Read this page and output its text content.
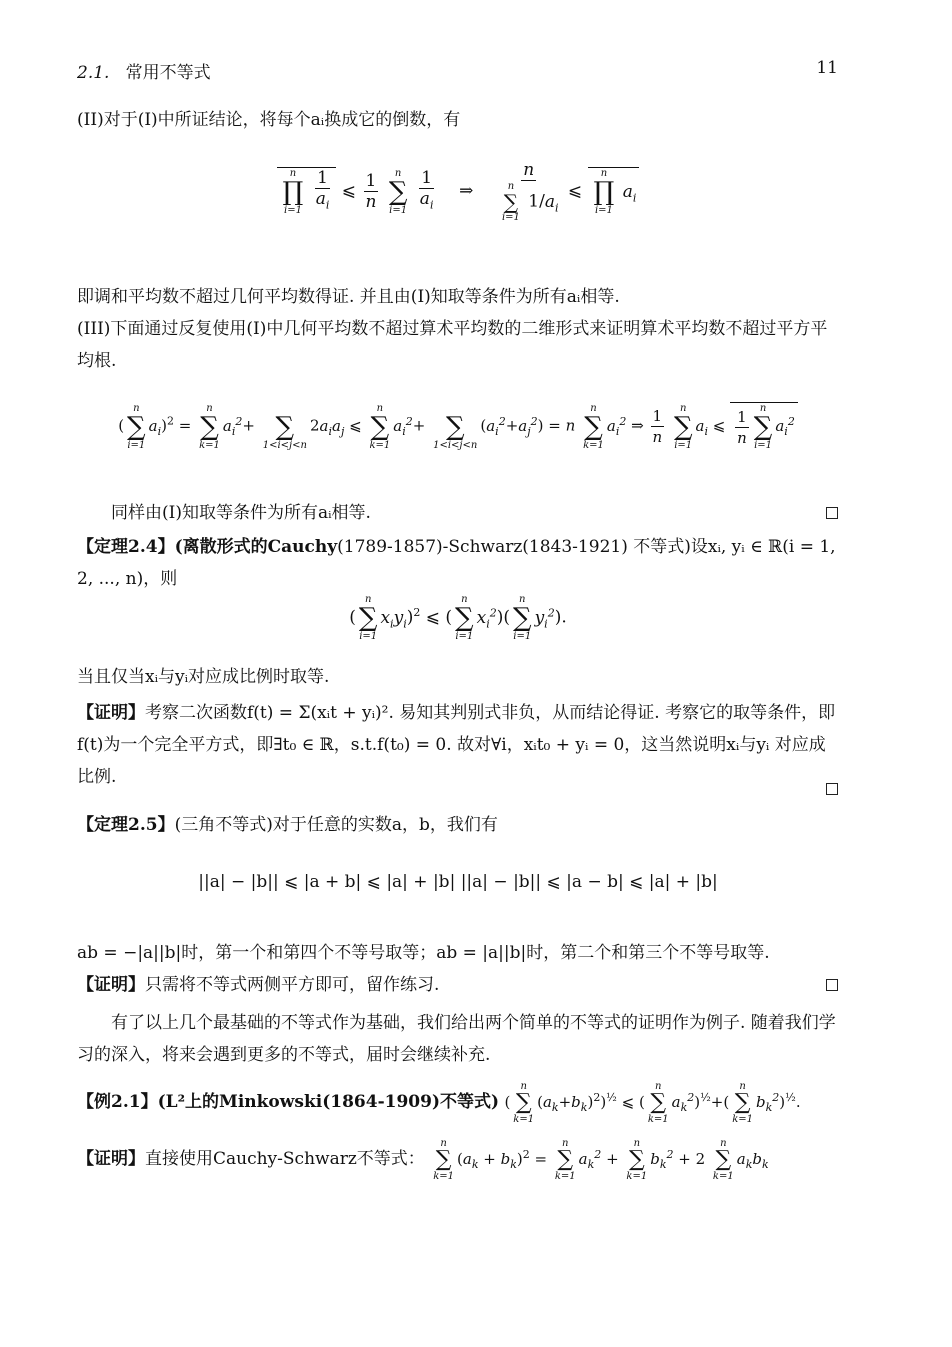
2.1. 常用不等式	11
(II)对于(I)中所证结论，将每个aᵢ换成它的倒数，有
n
∏
i=1
$\frac{1}{a_i}$ ⩽ $\frac{1}{n}$
n
∑
i=1
$\frac{1}{a_i}$ ⇒ n
n
∑
i=1
$1/a_i$ ⩽
n
∏
i=1
$a_i$
即调和平均数不超过几何平均数得证. 并且由(I)知取等条件为所有aᵢ相等.
(III)下面通过反复使用(I)中几何平均数不超过算术平均数的二维形式来证明算术平均数不超过平方平均根.
(
n
∑
i=1
$a_i)^2$ =
n
∑
k=1
$a_i^2+$
∑
1<i<j<n
$2a_ia_j$ ⩽
n
∑
k=1
$a_i^2+$
∑
1<i<j<n
$(a_i^2+a_j^2) = n$
n
∑
k=1
$a_i^2$ ⇒ $\frac{1}{n}$
n
∑
i=1
$a_i$ ⩽ $\frac{1}{n}$ n
∑
i=1
$a_i^2$
同样由(I)知取等条件为所有aᵢ相等.
【定理2.4】(离散形式的Cauchy(1789-1857)-Schwarz(1843-1921) 不等式)设xᵢ, yᵢ ∈ ℝ(i = 1, 2, ..., n)，则
(
n
∑
i=1
$x_iy_i)^2$ ⩽ (
n
∑
i=1
$x_i^2$)(
n
∑
i=1
$y_i^2$).
当且仅当xᵢ与yᵢ对应成比例时取等.
【证明】考察二次函数f(t) = Σ(xᵢt + yᵢ)². 易知其判别式非负，从而结论得证. 考察它的取等条件，即f(t)为一个完全平方式，即∃t₀ ∈ ℝ，s.t.f(t₀) = 0. 故对∀i，xᵢt₀ + yᵢ = 0，这当然说明xᵢ与yᵢ 对应成比例.
【定理2.5】(三角不等式)对于任意的实数a，b，我们有
||a| − |b|| ⩽ |a + b| ⩽ |a| + |b| ||a| − |b|| ⩽ |a − b| ⩽ |a| + |b|
ab = −|a||b|时，第一个和第四个不等号取等；ab = |a||b|时，第二个和第三个不等号取等.
【证明】只需将不等式两侧平方即可，留作练习.
有了以上几个最基础的不等式作为基础，我们给出两个简单的不等式的证明作为例子. 随着我们学习的深入，将来会遇到更多的不等式，届时会继续补充.
【例2.1】(L²上的Minkowski(1864-1909)不等式) (
n
∑
k=1
$(a_k+b_k)^2)^{\frac{1}{2}}$ ⩽ (
n
∑
k=1
$a_k^2)^{\frac{1}{2}}+$(
n
∑
k=1
$b_k^2)^{\frac{1}{2}}$.
【证明】直接使用Cauchy-Schwarz不等式：
n
∑
k=1
$(a_k + b_k)^2$ =
n
∑
k=1
$a_k^2$ +
n
∑
k=1
$b_k^2 + 2$
n
∑
k=1
$a_kb_k$
